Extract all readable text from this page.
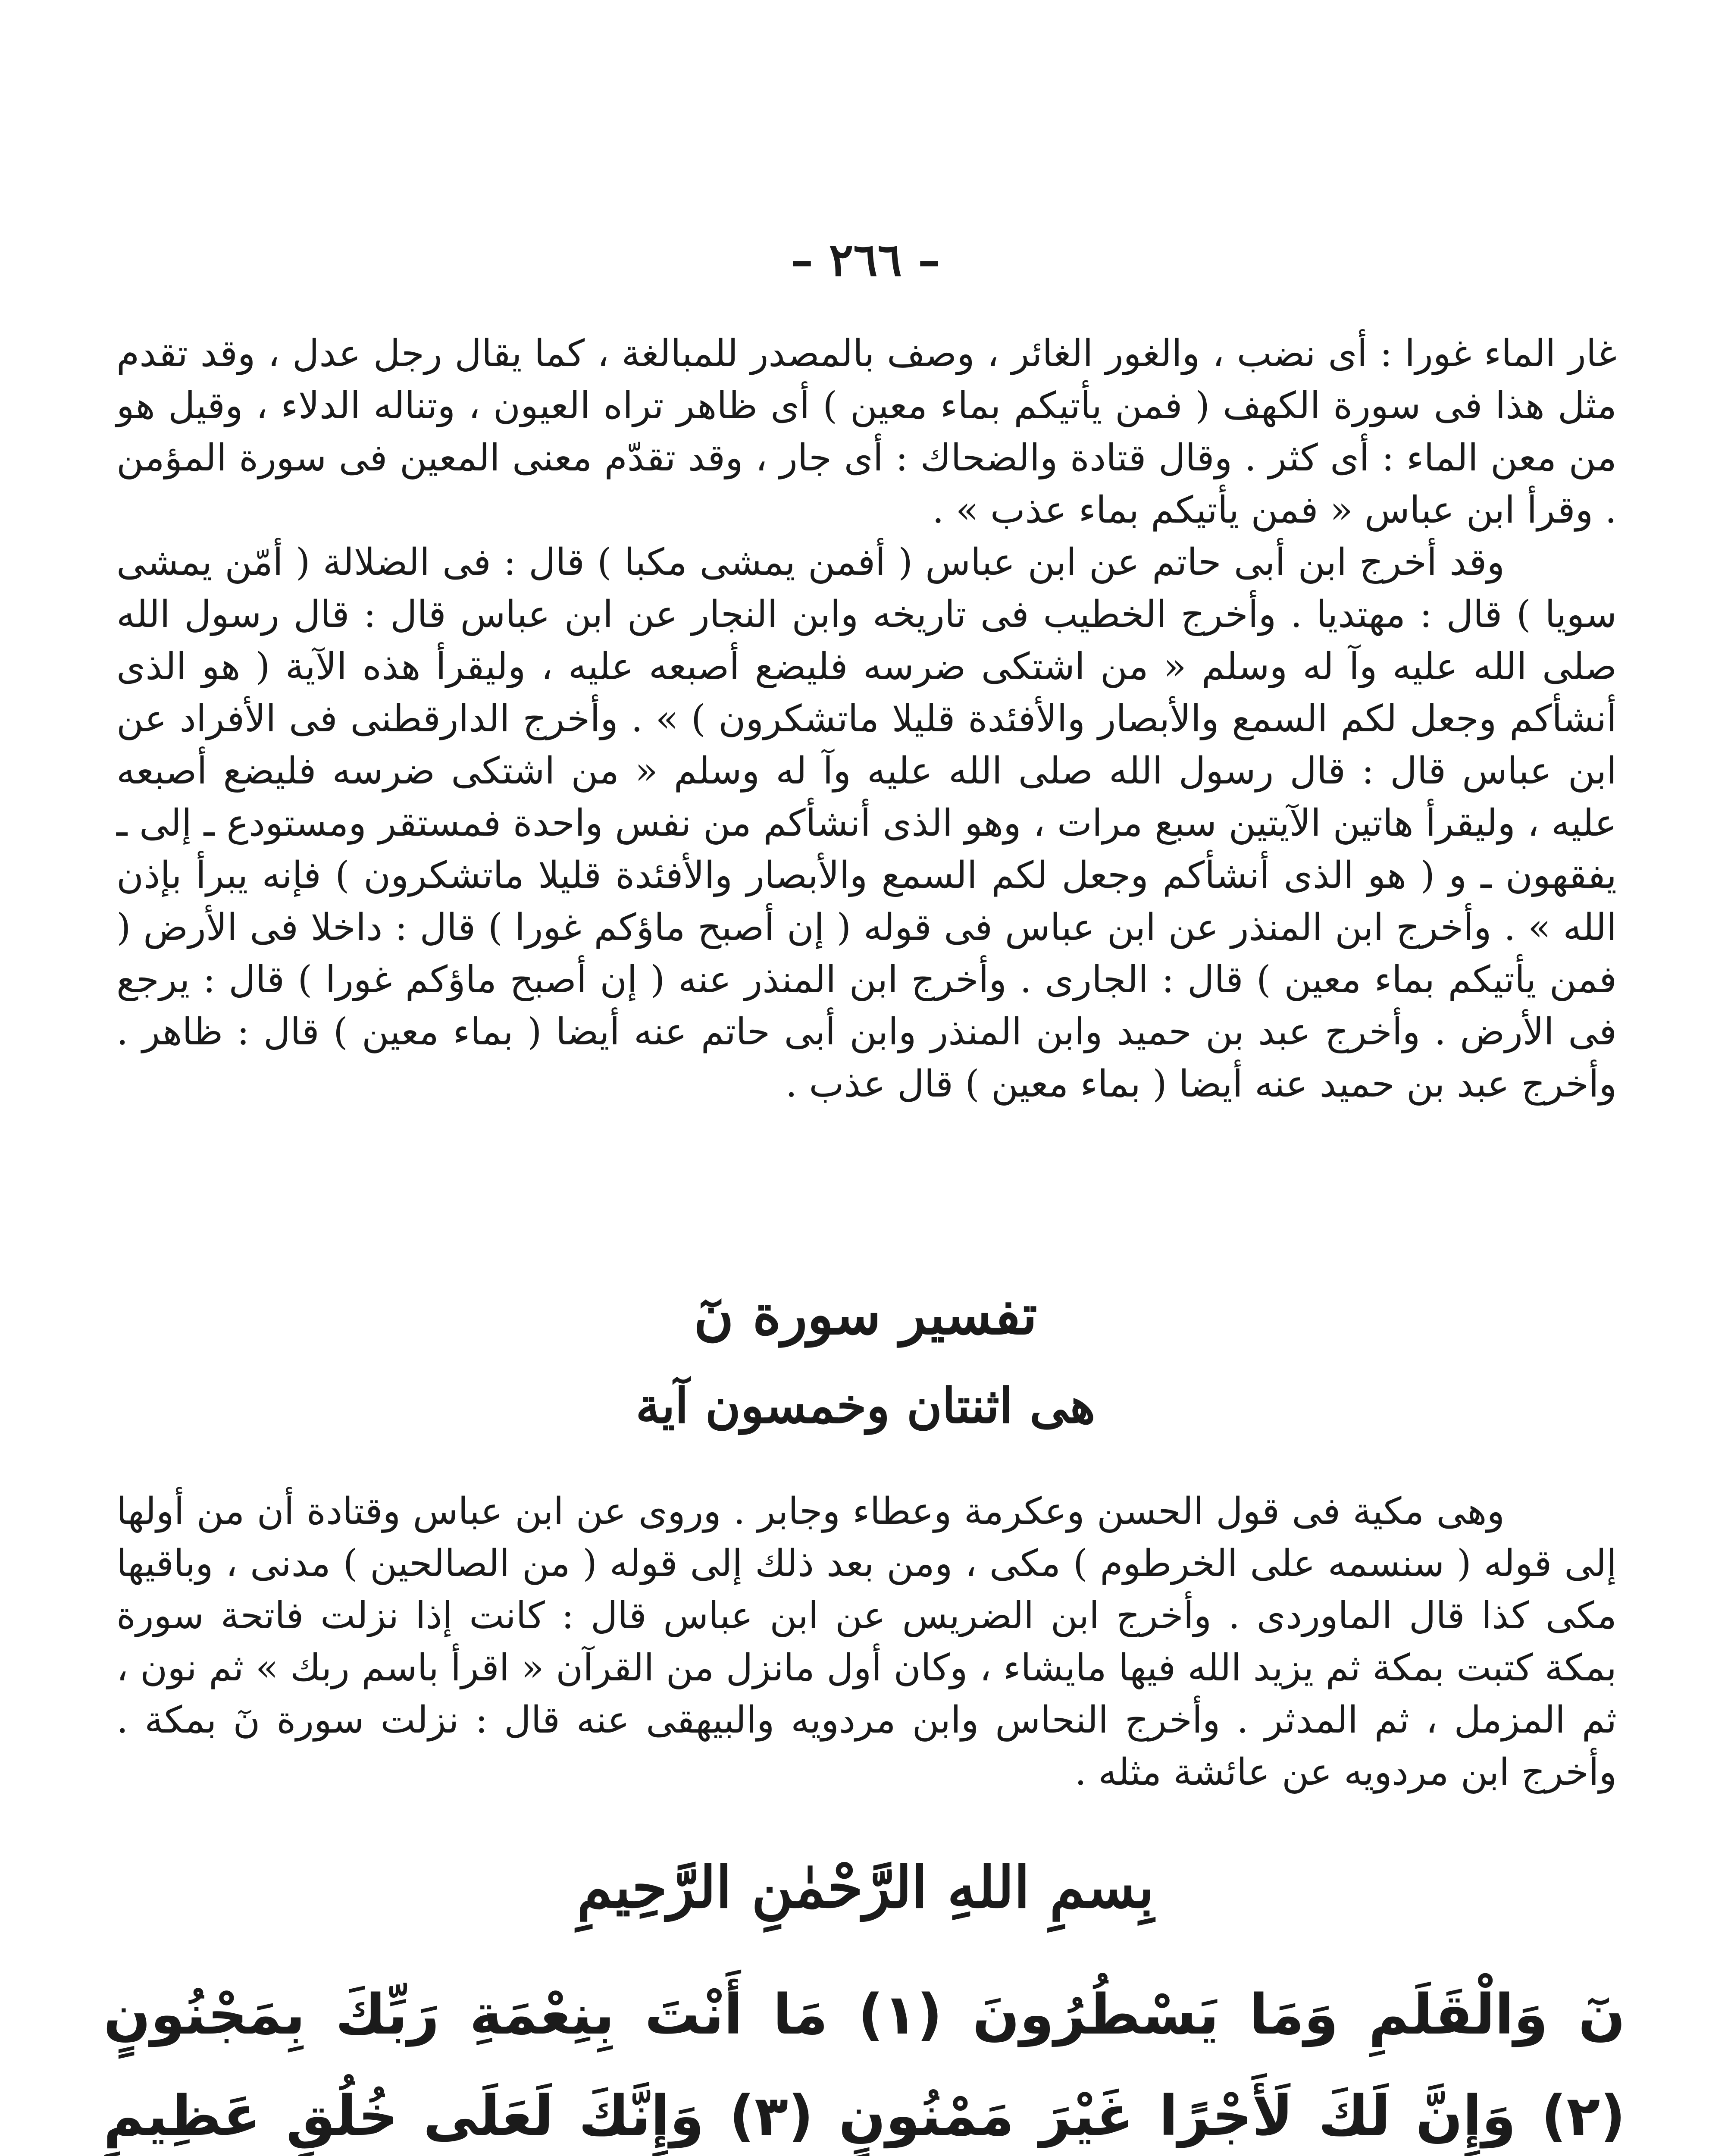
– ٢٦٦ –

غار الماء غورا : أى نضب ، والغور الغائر ، وصف بالمصدر للمبالغة ، كما يقال رجل عدل ، وقد تقدم مثل هذا فى سورة الكهف ( فمن يأتيكم بماء معين ) أى ظاهر تراه العيون ، وتناله الدلاء ، وقيل هو من معن الماء : أى كثر . وقال قتادة والضحاك : أى جار ، وقد تقدّم معنى المعين فى سورة المؤمن . وقرأ ابن عباس « فمن يأتيكم بماء عذب » .

وقد أخرج ابن أبى حاتم عن ابن عباس ( أفمن يمشى مكبا ) قال : فى الضلالة ( أمّن يمشى سويا ) قال : مهتديا . وأخرج الخطيب فى تاريخه وابن النجار عن ابن عباس قال : قال رسول الله صلى الله عليه وآ له وسلم « من اشتكى ضرسه فليضع أصبعه عليه ، وليقرأ هذه الآية ( هو الذى أنشأكم وجعل لكم السمع والأبصار والأفئدة قليلا ماتشكرون ) » . وأخرج الدارقطنى فى الأفراد عن ابن عباس قال : قال رسول الله صلى الله عليه وآ له وسلم « من اشتكى ضرسه فليضع أصبعه عليه ، وليقرأ هاتين الآيتين سبع مرات ، وهو الذى أنشأكم من نفس واحدة فمستقر ومستودع ـ إلى ـ يفقهون ـ و ( هو الذى أنشأكم وجعل لكم السمع والأبصار والأفئدة قليلا ماتشكرون ) فإنه يبرأ بإذن الله » . وأخرج ابن المنذر عن ابن عباس فى قوله ( إن أصبح ماؤكم غورا ) قال : داخلا فى الأرض ( فمن يأتيكم بماء معين ) قال : الجارى . وأخرج ابن المنذر عنه ( إن أصبح ماؤكم غورا ) قال : يرجع فى الأرض . وأخرج عبد بن حميد وابن المنذر وابن أبى حاتم عنه أيضا ( بماء معين ) قال : ظاهر . وأخرج عبد بن حميد عنه أيضا ( بماء معين ) قال عذب .

تفسير سورة نٓ
هى اثنتان وخمسون آية

وهى مكية فى قول الحسن وعكرمة وعطاء وجابر . وروى عن ابن عباس وقتادة أن من أولها إلى قوله ( سنسمه على الخرطوم ) مكى ، ومن بعد ذلك إلى قوله ( من الصالحين ) مدنى ، وباقيها مكى كذا قال الماوردى . وأخرج ابن الضريس عن ابن عباس قال : كانت إذا نزلت فاتحة سورة بمكة كتبت بمكة ثم يزيد الله فيها مايشاء ، وكان أول مانزل من القرآن « اقرأ باسم ربك » ثم نون ، ثم المزمل ، ثم المدثر . وأخرج النحاس وابن مردويه والبيهقى عنه قال : نزلت سورة نٓ بمكة . وأخرج ابن مردويه عن عائشة مثله .

بِسمِ اللهِ الرَّحْمٰنِ الرَّحِيمِ
نٓ وَالْقَلَمِ وَمَا يَسْطُرُونَ (١) مَا أَنْتَ بِنِعْمَةِ رَبِّكَ بِمَجْنُونٍ (٢) وَإِنَّ لَكَ لَأَجْرًا غَيْرَ مَمْنُونٍ (٣) وَإِنَّكَ لَعَلَى خُلُقٍ عَظِيمٍ
